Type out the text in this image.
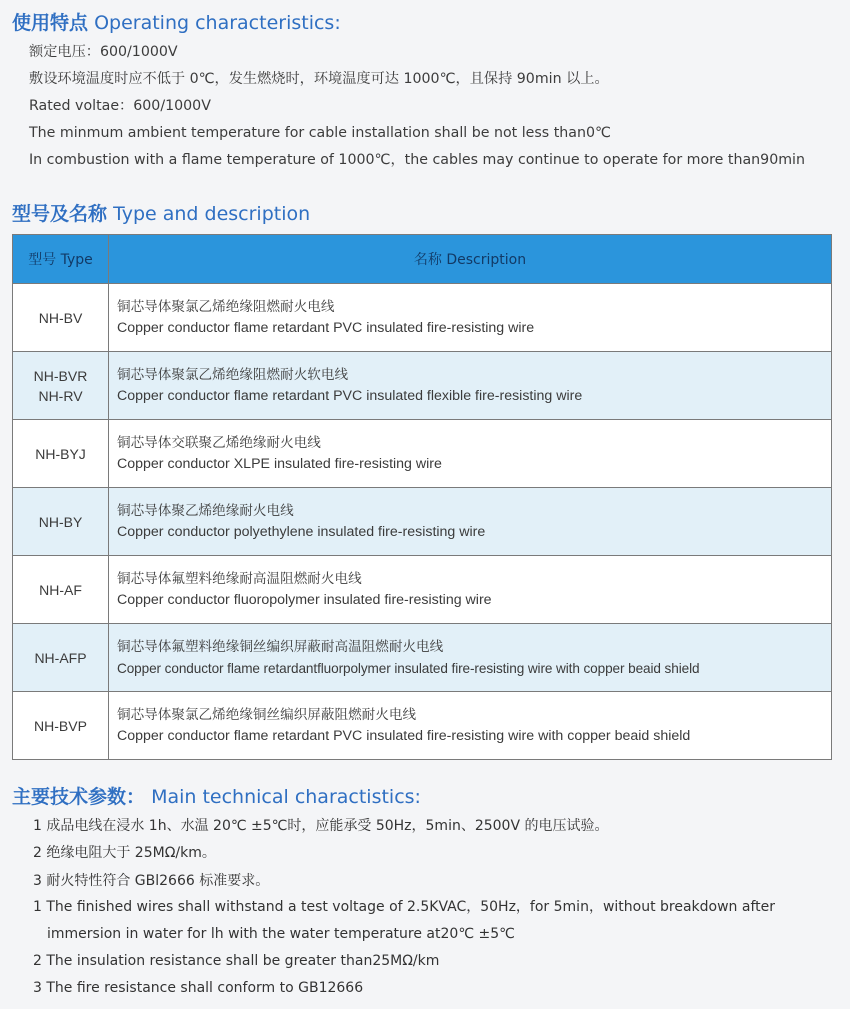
使用特点 Operating characteristics:
额定电压：600/1000V
敷设环境温度时应不低于 0℃，发生燃烧时，环境温度可达 1000℃，且保持 90min 以上。
Rated voltae：600/1000V
The minmum ambient temperature for cable installation shall be not less than0℃
In combustion with a flame temperature of 1000℃，the cables may continue to operate for more than90min
型号及名称 Type and description
型号 Type	名称 Description
NH-BV	铜芯导体聚氯乙烯绝缘阻燃耐火电线
Copper conductor flame retardant PVC insulated fire-resisting wire

NH-BVR
NH-RV	铜芯导体聚氯乙烯绝缘阻燃耐火软电线
Copper conductor flame retardant PVC insulated flexible fire-resisting wire

NH-BYJ	铜芯导体交联聚乙烯绝缘耐火电线
Copper conductor XLPE insulated fire-resisting wire

NH-BY	铜芯导体聚乙烯绝缘耐火电线
Copper conductor polyethylene insulated fire-resisting wire

NH-AF	铜芯导体氟塑料绝缘耐高温阻燃耐火电线
Copper conductor fluoropolymer insulated fire-resisting wire

NH-AFP	铜芯导体氟塑料绝缘铜丝编织屏蔽耐高温阻燃耐火电线
Copper conductor flame retardantfluorpolymer insulated fire-resisting wire with copper beaid shield

NH-BVP	铜芯导体聚氯乙烯绝缘铜丝编织屏蔽阻燃耐火电线
Copper conductor flame retardant PVC insulated fire-resisting wire with copper beaid shield
主要技术参数： Main technical charactistics:
1 成品电线在浸水 1h、水温 20℃ ±5℃时，应能承受 50Hz，5min、2500V 的电压试验。
2 绝缘电阻大于 25MΩ/km。
3 耐火特性符合 GBl2666 标准要求。
1 The finished wires shall withstand a test voltage of 2.5KVAC，50Hz，for 5min，without breakdown after
immersion in water for lh with the water temperature at20℃ ±5℃
2 The insulation resistance shall be greater than25MΩ/km
3 The fire resistance shall conform to GB12666
